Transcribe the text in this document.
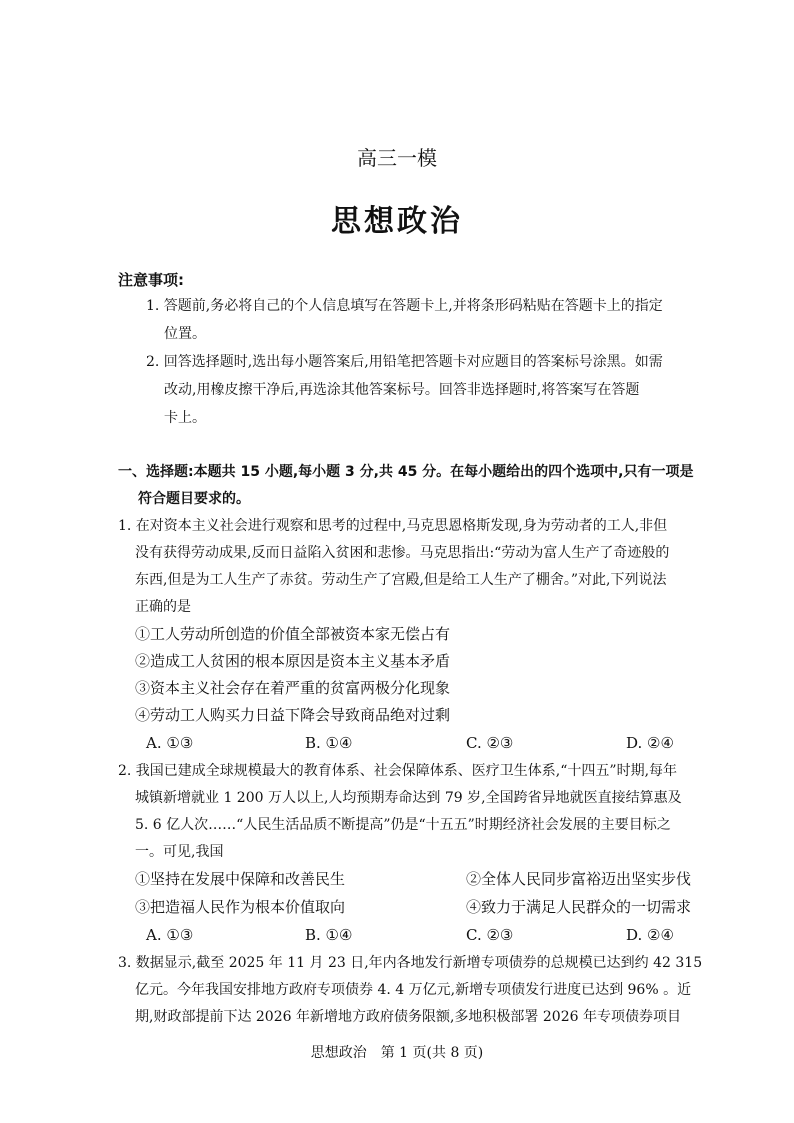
高三一模
思想政治
注意事项:
1. 答题前,务必将自己的个人信息填写在答题卡上,并将条形码粘贴在答题卡上的指定
位置。
2. 回答选择题时,选出每小题答案后,用铅笔把答题卡对应题目的答案标号涂黑。如需
改动,用橡皮擦干净后,再选涂其他答案标号。回答非选择题时,将答案写在答题
卡上。
一、选择题:本题共 15 小题,每小题 3 分,共 45 分。在每小题给出的四个选项中,只有一项是
符合题目要求的。
1. 在对资本主义社会进行观察和思考的过程中,马克思恩格斯发现,身为劳动者的工人,非但
没有获得劳动成果,反而日益陷入贫困和悲惨。马克思指出:“劳动为富人生产了奇迹般的
东西,但是为工人生产了赤贫。劳动生产了宫殿,但是给工人生产了棚舍。”对此,下列说法
正确的是
①工人劳动所创造的价值全部被资本家无偿占有
②造成工人贫困的根本原因是资本主义基本矛盾
③资本主义社会存在着严重的贫富两极分化现象
④劳动工人购买力日益下降会导致商品绝对过剩
A. ①③	B. ①④	C. ②③	D. ②④
2. 我国已建成全球规模最大的教育体系、社会保障体系、医疗卫生体系,“十四五”时期,每年
城镇新增就业 1 200 万人以上,人均预期寿命达到 79 岁,全国跨省异地就医直接结算惠及
5. 6 亿人次……“人民生活品质不断提高”仍是“十五五”时期经济社会发展的主要目标之
一。可见,我国
①坚持在发展中保障和改善民生	②全体人民同步富裕迈出坚实步伐
③把造福人民作为根本价值取向	④致力于满足人民群众的一切需求
A. ①③	B. ①④	C. ②③	D. ②④
3. 数据显示,截至 2025 年 11 月 23 日,年内各地发行新增专项债券的总规模已达到约 42 315
亿元。今年我国安排地方政府专项债券 4. 4 万亿元,新增专项债发行进度已达到 96% 。近
期,财政部提前下达 2026 年新增地方政府债务限额,多地积极部署 2026 年专项债券项目
思想政治　第 1 页(共 8 页)
